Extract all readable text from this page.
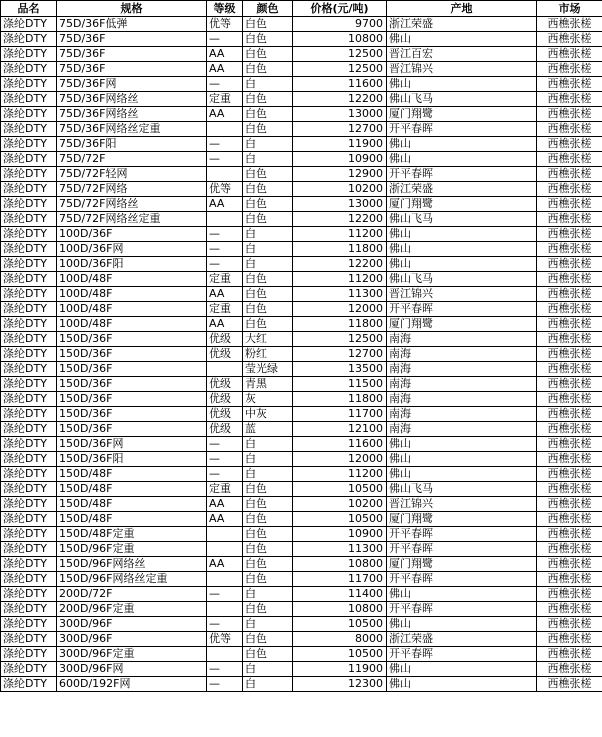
品名	规格	等级	颜色	价格(元/吨)	产地	市场
涤纶DTY	75D/36F低弹	优等	白色	9700	浙江荣盛	西樵张槎
涤纶DTY	75D/36F	—	白色	10800	佛山	西樵张槎
涤纶DTY	75D/36F	AA	白色	12500	晋江百宏	西樵张槎
涤纶DTY	75D/36F	AA	白色	12500	晋江锦兴	西樵张槎
涤纶DTY	75D/36F网	—	白	11600	佛山	西樵张槎
涤纶DTY	75D/36F网络丝	定重	白色	12200	佛山飞马	西樵张槎
涤纶DTY	75D/36F网络丝	AA	白色	13000	厦门翔鹭	西樵张槎
涤纶DTY	75D/36F网络丝定重		白色	12700	开平春晖	西樵张槎
涤纶DTY	75D/36F阳	—	白	11900	佛山	西樵张槎
涤纶DTY	75D/72F	—	白	10900	佛山	西樵张槎
涤纶DTY	75D/72F轻网		白色	12900	开平春晖	西樵张槎
涤纶DTY	75D/72F网络	优等	白色	10200	浙江荣盛	西樵张槎
涤纶DTY	75D/72F网络丝	AA	白色	13000	厦门翔鹭	西樵张槎
涤纶DTY	75D/72F网络丝定重		白色	12200	佛山飞马	西樵张槎
涤纶DTY	100D/36F	—	白	11200	佛山	西樵张槎
涤纶DTY	100D/36F网	—	白	11800	佛山	西樵张槎
涤纶DTY	100D/36F阳	—	白	12200	佛山	西樵张槎
涤纶DTY	100D/48F	定重	白色	11200	佛山飞马	西樵张槎
涤纶DTY	100D/48F	AA	白色	11300	晋江锦兴	西樵张槎
涤纶DTY	100D/48F	定重	白色	12000	开平春晖	西樵张槎
涤纶DTY	100D/48F	AA	白色	11800	厦门翔鹭	西樵张槎
涤纶DTY	150D/36F	优级	大红	12500	南海	西樵张槎
涤纶DTY	150D/36F	优级	粉红	12700	南海	西樵张槎
涤纶DTY	150D/36F		莹光绿	13500	南海	西樵张槎
涤纶DTY	150D/36F	优级	青黑	11500	南海	西樵张槎
涤纶DTY	150D/36F	优级	灰	11800	南海	西樵张槎
涤纶DTY	150D/36F	优级	中灰	11700	南海	西樵张槎
涤纶DTY	150D/36F	优级	蓝	12100	南海	西樵张槎
涤纶DTY	150D/36F网	—	白	11600	佛山	西樵张槎
涤纶DTY	150D/36F阳	—	白	12000	佛山	西樵张槎
涤纶DTY	150D/48F	—	白	11200	佛山	西樵张槎
涤纶DTY	150D/48F	定重	白色	10500	佛山飞马	西樵张槎
涤纶DTY	150D/48F	AA	白色	10200	晋江锦兴	西樵张槎
涤纶DTY	150D/48F	AA	白色	10500	厦门翔鹭	西樵张槎
涤纶DTY	150D/48F定重		白色	10900	开平春晖	西樵张槎
涤纶DTY	150D/96F定重		白色	11300	开平春晖	西樵张槎
涤纶DTY	150D/96F网络丝	AA	白色	10800	厦门翔鹭	西樵张槎
涤纶DTY	150D/96F网络丝定重		白色	11700	开平春晖	西樵张槎
涤纶DTY	200D/72F	—	白	11400	佛山	西樵张槎
涤纶DTY	200D/96F定重		白色	10800	开平春晖	西樵张槎
涤纶DTY	300D/96F	—	白	10500	佛山	西樵张槎
涤纶DTY	300D/96F	优等	白色	8000	浙江荣盛	西樵张槎
涤纶DTY	300D/96F定重		白色	10500	开平春晖	西樵张槎
涤纶DTY	300D/96F网	—	白	11900	佛山	西樵张槎
涤纶DTY	600D/192F网	—	白	12300	佛山	西樵张槎
